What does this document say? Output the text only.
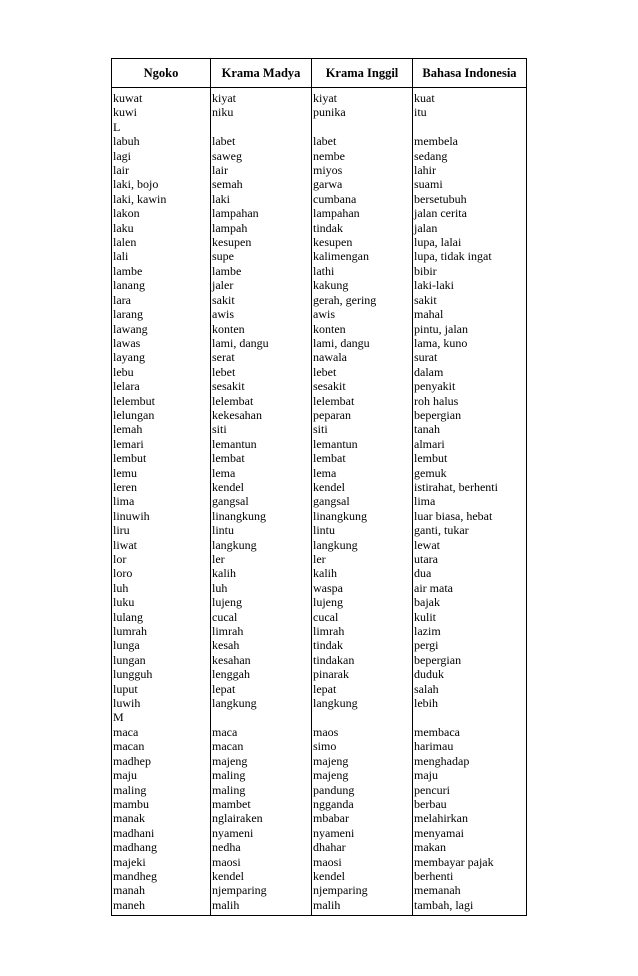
Ngoko	Krama Madya	Krama Inggil	Bahasa Indonesia
kuwat	kiyat	kiyat	kuat
kuwi	niku	punika	itu
L			
labuh	labet	labet	membela
lagi	saweg	nembe	sedang
lair	lair	miyos	lahir
laki, bojo	semah	garwa	suami
laki, kawin	laki	cumbana	bersetubuh
lakon	lampahan	lampahan	jalan cerita
laku	lampah	tindak	jalan
lalen	kesupen	kesupen	lupa, lalai
lali	supe	kalimengan	lupa, tidak ingat
lambe	lambe	lathi	bibir
lanang	jaler	kakung	laki-laki
lara	sakit	gerah, gering	sakit
larang	awis	awis	mahal
lawang	konten	konten	pintu, jalan
lawas	lami, dangu	lami, dangu	lama, kuno
layang	serat	nawala	surat
lebu	lebet	lebet	dalam
lelara	sesakit	sesakit	penyakit
lelembut	lelembat	lelembat	roh halus
lelungan	kekesahan	peparan	bepergian
lemah	siti	siti	tanah
lemari	lemantun	lemantun	almari
lembut	lembat	lembat	lembut
lemu	lema	lema	gemuk
leren	kendel	kendel	istirahat, berhenti
lima	gangsal	gangsal	lima
linuwih	linangkung	linangkung	luar biasa, hebat
liru	lintu	lintu	ganti, tukar
liwat	langkung	langkung	lewat
lor	ler	ler	utara
loro	kalih	kalih	dua
luh	luh	waspa	air mata
luku	lujeng	lujeng	bajak
lulang	cucal	cucal	kulit
lumrah	limrah	limrah	lazim
lunga	kesah	tindak	pergi
lungan	kesahan	tindakan	bepergian
lungguh	lenggah	pinarak	duduk
luput	lepat	lepat	salah
luwih	langkung	langkung	lebih
M			
maca	maca	maos	membaca
macan	macan	simo	harimau
madhep	majeng	majeng	menghadap
maju	maling	majeng	maju
maling	maling	pandung	pencuri
mambu	mambet	ngganda	berbau
manak	nglairaken	mbabar	melahirkan
madhani	nyameni	nyameni	menyamai
madhang	nedha	dhahar	makan
majeki	maosi	maosi	membayar pajak
mandheg	kendel	kendel	berhenti
manah	njemparing	njemparing	memanah
maneh	malih	malih	tambah, lagi
